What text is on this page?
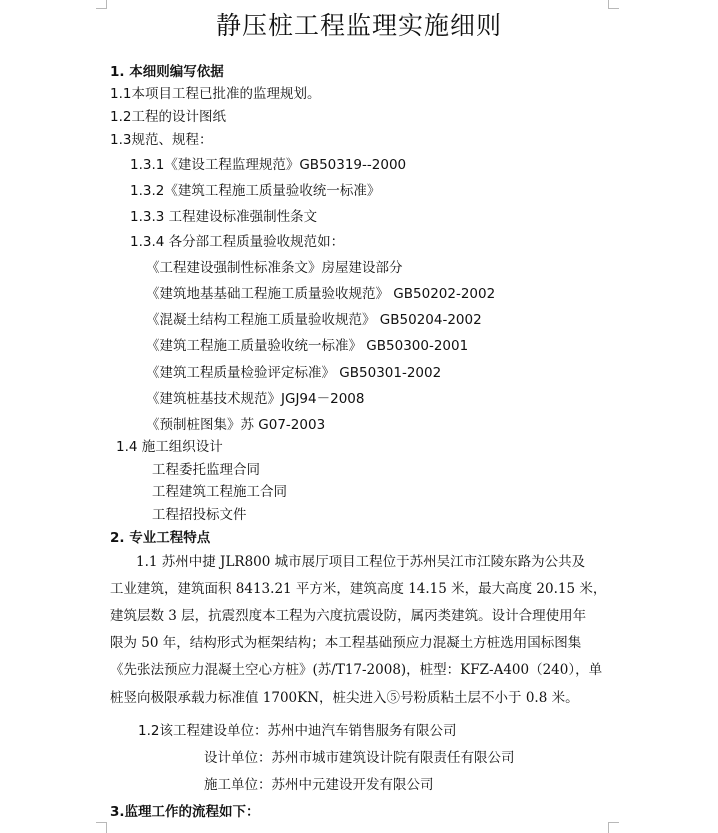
静压桩工程监理实施细则
1. 本细则编写依据
1.1本项目工程已批准的监理规划。
1.2工程的设计图纸
1.3规范、规程：
1.3.1《建设工程监理规范》GB50319--2000
1.3.2《建筑工程施工质量验收统一标准》
1.3.3 工程建设标准强制性条文
1.3.4 各分部工程质量验收规范如：
《工程建设强制性标准条文》房屋建设部分
《建筑地基基础工程施工质量验收规范》 GB50202-2002
《混凝土结构工程施工质量验收规范》 GB50204-2002
《建筑工程施工质量验收统一标准》 GB50300-2001
《建筑工程质量检验评定标准》 GB50301-2002
《建筑桩基技术规范》JGJ94－2008
《预制桩图集》苏 G07-2003
1.4 施工组织设计
工程委托监理合同
工程建筑工程施工合同
工程招投标文件
2. 专业工程特点
1.1 苏州中捷 JLR800 城市展厅项目工程位于苏州吴江市江陵东路为公共及
工业建筑，建筑面积 8413.21 平方米，建筑高度 14.15 米，最大高度 20.15 米，
建筑层数 3 层，抗震烈度本工程为六度抗震设防，属丙类建筑。设计合理使用年
限为 50 年，结构形式为框架结构；本工程基础预应力混凝土方桩选用国标图集
《先张法预应力混凝土空心方桩》(苏/T17-2008)，桩型：KFZ-A400（240），单
桩竖向极限承载力标准值 1700KN，桩尖进入⑤号粉质粘土层不小于 0.8 米。
1.2该工程建设单位：苏州中迪汽车销售服务有限公司
设计单位：苏州市城市建筑设计院有限责任有限公司
施工单位：苏州中元建设开发有限公司
3.监理工作的流程如下：
